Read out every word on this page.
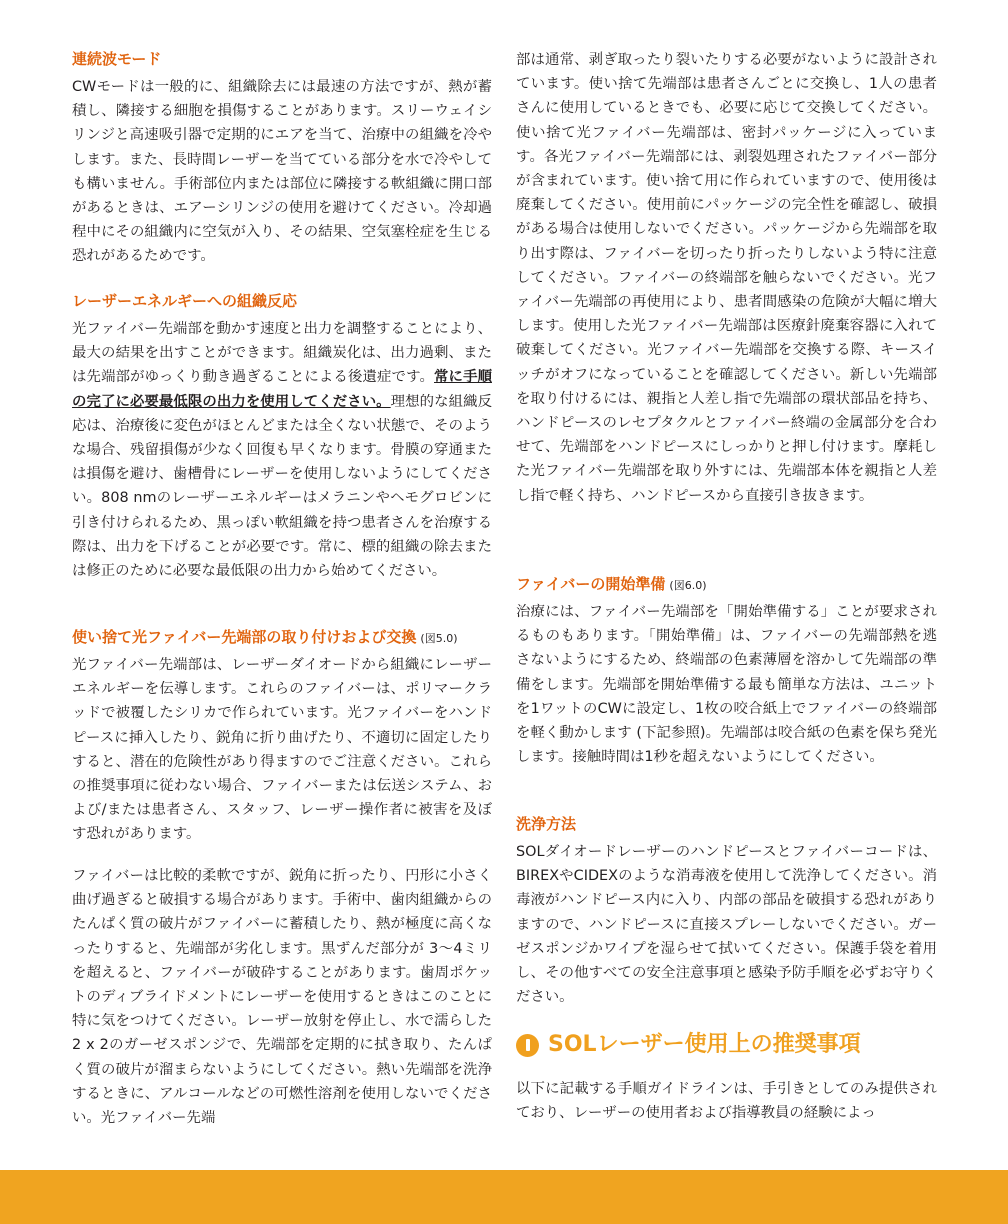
連続波モード

CWモードは一般的に、組織除去には最速の方法ですが、熱が蓄積し、隣接する細胞を損傷することがあります。スリーウェイシリンジと高速吸引器で定期的にエアを当て、治療中の組織を冷やします。また、長時間レーザーを当てている部分を水で冷やしても構いません。手術部位内または部位に隣接する軟組織に開口部があるときは、エアーシリンジの使用を避けてください。冷却過程中にその組織内に空気が入り、その結果、空気塞栓症を生じる恐れがあるためです。

レーザーエネルギーへの組織反応

光ファイバー先端部を動かす速度と出力を調整することにより、最大の結果を出すことができます。組織炭化は、出力過剰、または先端部がゆっくり動き過ぎることによる後遺症です。常に手順の完了に必要最低限の出力を使用してください。理想的な組織反応は、治療後に変色がほとんどまたは全くない状態で、そのような場合、残留損傷が少なく回復も早くなります。骨膜の穿通または損傷を避け、歯槽骨にレーザーを使用しないようにしてください。808 nmのレーザーエネルギーはメラニンやヘモグロビンに引き付けられるため、黒っぽい軟組織を持つ患者さんを治療する際は、出力を下げることが必要です。常に、標的組織の除去または修正のために必要な最低限の出力から始めてください。

使い捨て光ファイバー先端部の取り付けおよび交換 (図5.0)

光ファイバー先端部は、レーザーダイオードから組織にレーザーエネルギーを伝導します。これらのファイバーは、ポリマークラッドで被覆したシリカで作られています。光ファイバーをハンドピースに挿入したり、鋭角に折り曲げたり、不適切に固定したりすると、潜在的危険性があり得ますのでご注意ください。これらの推奨事項に従わない場合、ファイバーまたは伝送システム、および/または患者さん、スタッフ、レーザー操作者に被害を及ぼす恐れがあります。

ファイバーは比較的柔軟ですが、鋭角に折ったり、円形に小さく曲げ過ぎると破損する場合があります。手術中、歯肉組織からのたんぱく質の破片がファイバーに蓄積したり、熱が極度に高くなったりすると、先端部が劣化します。黒ずんだ部分が 3〜4ミリを超えると、ファイバーが破砕することがあります。歯周ポケットのディブライドメントにレーザーを使用するときはこのことに特に気をつけてください。レーザー放射を停止し、水で濡らした2 x 2のガーゼスポンジで、先端部を定期的に拭き取り、たんぱく質の破片が溜まらないようにしてください。熱い先端部を洗浄するときに、アルコールなどの可燃性溶剤を使用しないでください。光ファイバー先端

部は通常、剥ぎ取ったり裂いたりする必要がないように設計されています。使い捨て先端部は患者さんごとに交換し、1人の患者さんに使用しているときでも、必要に応じて交換してください。使い捨て光ファイバー先端部は、密封パッケージに入っています。各光ファイバー先端部には、剥裂処理されたファイバー部分が含まれています。使い捨て用に作られていますので、使用後は廃棄してください。使用前にパッケージの完全性を確認し、破損がある場合は使用しないでください。パッケージから先端部を取り出す際は、ファイバーを切ったり折ったりしないよう特に注意してください。ファイバーの終端部を触らないでください。光ファイバー先端部の再使用により、患者間感染の危険が大幅に増大します。使用した光ファイバー先端部は医療針廃棄容器に入れて破棄してください。光ファイバー先端部を交換する際、キースイッチがオフになっていることを確認してください。新しい先端部を取り付けるには、親指と人差し指で先端部の環状部品を持ち、ハンドピースのレセプタクルとファイバー終端の金属部分を合わせて、先端部をハンドピースにしっかりと押し付けます。摩耗した光ファイバー先端部を取り外すには、先端部本体を親指と人差し指で軽く持ち、ハンドピースから直接引き抜きます。

ファイバーの開始準備 (図6.0)

治療には、ファイバー先端部を「開始準備する」ことが要求されるものもあります。「開始準備」は、ファイバーの先端部熱を逃さないようにするため、終端部の色素薄層を溶かして先端部の準備をします。先端部を開始準備する最も簡単な方法は、ユニットを1ワットのCWに設定し、1枚の咬合紙上でファイバーの終端部を軽く動かします (下記参照)。先端部は咬合紙の色素を保ち発光します。接触時間は1秒を超えないようにしてください。

洗浄方法

SOLダイオードレーザーのハンドピースとファイバーコードは、BIREXやCIDEXのような消毒液を使用して洗浄してください。消毒液がハンドピース内に入り、内部の部品を破損する恐れがありますので、ハンドピースに直接スプレーしないでください。ガーゼスポンジかワイプを湿らせて拭いてください。保護手袋を着用し、その他すべての安全注意事項と感染予防手順を必ずお守りください。

SOLレーザー使用上の推奨事項

以下に記載する手順ガイドラインは、手引きとしてのみ提供されており、レーザーの使用者および指導教員の経験によっ
